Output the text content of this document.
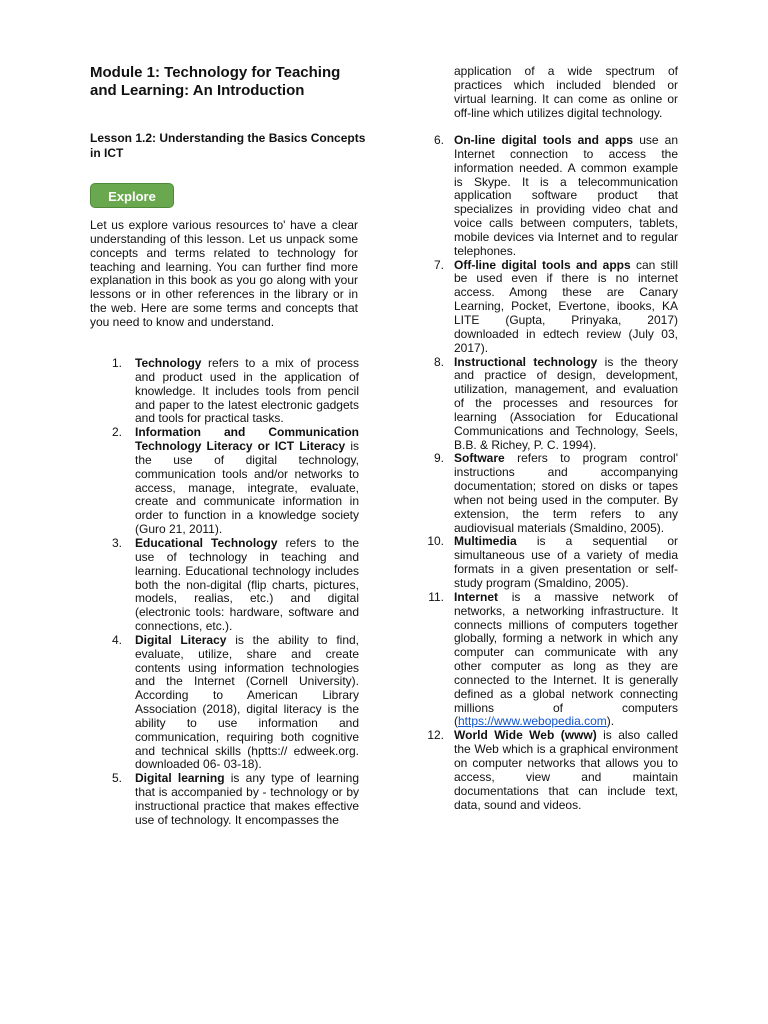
Module 1: Technology for Teaching and Learning: An Introduction
Lesson 1.2: Understanding the Basics Concepts in ICT
Explore

Let us explore various resources to' have a clear understanding of this lesson. Let us unpack some concepts and terms related to technology for teaching and learning. You can further find more explanation in this book as you go along with your lessons or in other references in the library or in the web. Here are some terms and concepts that you need to know and understand.

1. Technology refers to a mix of process and product used in the application of knowledge. It includes tools from pencil and paper to the latest electronic gadgets and tools for practical tasks.
2. Information and Communication Technology Literacy or ICT Literacy is the use of digital technology, communication tools and/or networks to access, manage, integrate, evaluate, create and communicate information in order to function in a knowledge society (Guro 21, 2011).
3. Educational Technology refers to the use of technology in teaching and learning. Educational technology includes both the non-digital (flip charts, pictures, models, realias, etc.) and digital (electronic tools: hardware, software and connections, etc.).
4. Digital Literacy is the ability to find, evaluate, utilize, share and create contents using information technologies and the Internet (Cornell University). According to American Library Association (2018), digital literacy is the ability to use information and communication, requiring both cognitive and technical skills (hptts:// edweek.org. downloaded 06- 03-18).
5. Digital learning is any type of learning that is accompanied by - technology or by instructional practice that makes effective use of technology. It encompasses the

application of a wide spectrum of practices which included blended or virtual learning. It can come as online or off-line which utilizes digital technology.

6. On-line digital tools and apps use an Internet connection to access the information needed. A common example is Skype. It is a telecommunication application software product that specializes in providing video chat and voice calls between computers, tablets, mobile devices via Internet and to regular telephones.
7. Off-line digital tools and apps can still be used even if there is no internet access. Among these are Canary Learning, Pocket, Evertone, ibooks, KA LITE (Gupta, Prinyaka, 2017) downloaded in edtech review (July 03, 2017).
8. Instructional technology is the theory and practice of design, development, utilization, management, and evaluation of the processes and resources for learning (Association for Educational Communications and Technology, Seels, B.B. & Richey, P. C. 1994).
9. Software refers to program control' instructions and accompanying documentation; stored on disks or tapes when not being used in the computer. By extension, the term refers to any audiovisual materials (Smaldino, 2005).
10. Multimedia is a sequential or simultaneous use of a variety of media formats in a given presentation or self-study program (Smaldino, 2005).
11. Internet is a massive network of networks, a networking infrastructure. It connects millions of computers together globally, forming a network in which any computer can communicate with any other computer as long as they are connected to the Internet. It is generally defined as a global network connecting millions of computers (https://www.webopedia.com).
12. World Wide Web (www) is also called the Web which is a graphical environment on computer networks that allows you to access, view and maintain documentations that can include text, data, sound and videos.
